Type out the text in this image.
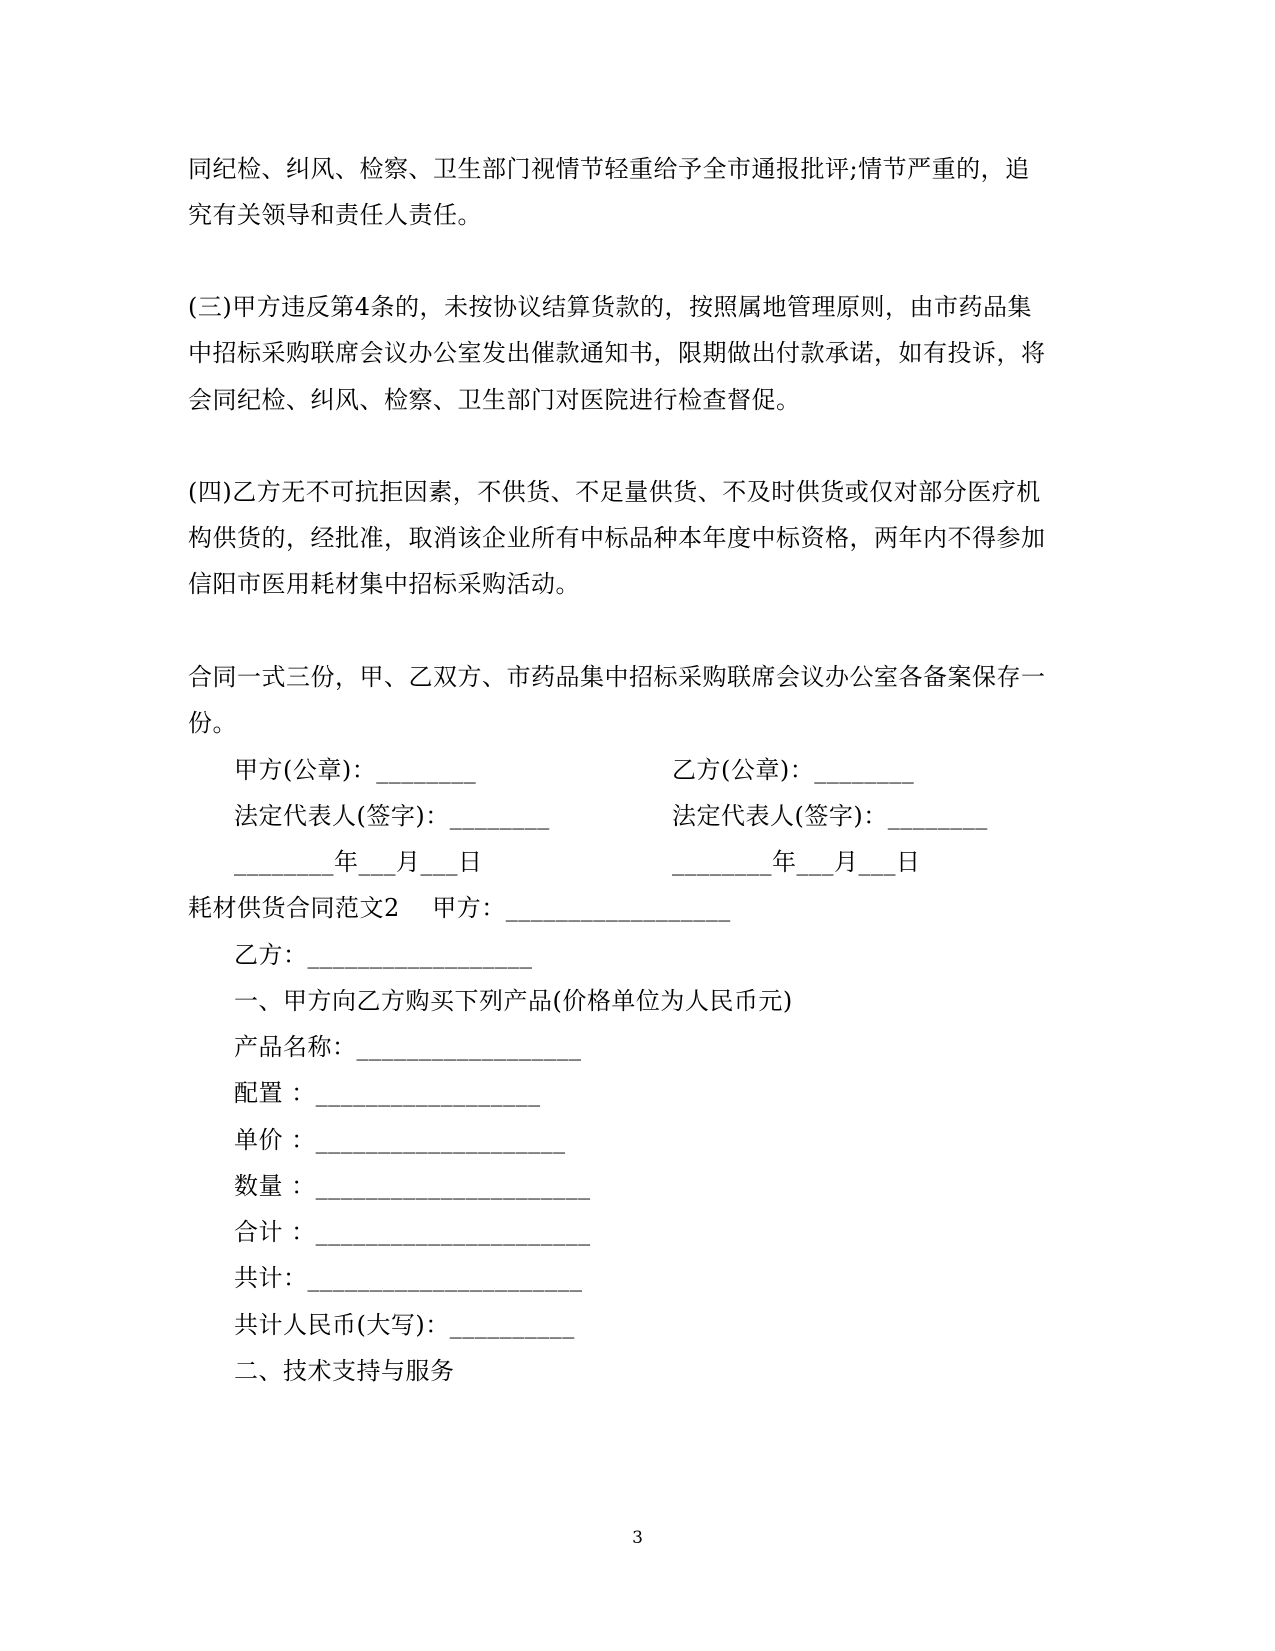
同纪检、纠风、检察、卫生部门视情节轻重给予全市通报批评;情节严重的，追
究有关领导和责任人责任。
(三)甲方违反第4条的，未按协议结算货款的，按照属地管理原则，由市药品集
中招标采购联席会议办公室发出催款通知书，限期做出付款承诺，如有投诉，将
会同纪检、纠风、检察、卫生部门对医院进行检查督促。
(四)乙方无不可抗拒因素，不供货、不足量供货、不及时供货或仅对部分医疗机
构供货的，经批准，取消该企业所有中标品种本年度中标资格，两年内不得参加
信阳市医用耗材集中招标采购活动。
合同一式三份，甲、乙双方、市药品集中招标采购联席会议办公室各备案保存一
份。
甲方(公章)：________	乙方(公章)：________
法定代表人(签字)：________	法定代表人(签字)：________
________年___月___日	________年___月___日
耗材供货合同范文2    甲方：__________________
乙方：__________________
一、甲方向乙方购买下列产品(价格单位为人民币元)
产品名称：__________________
配置 ：__________________
单价 ：____________________
数量 ：______________________
合计 ：______________________
共计：______________________
共计人民币(大写)：__________
二、技术支持与服务
3
